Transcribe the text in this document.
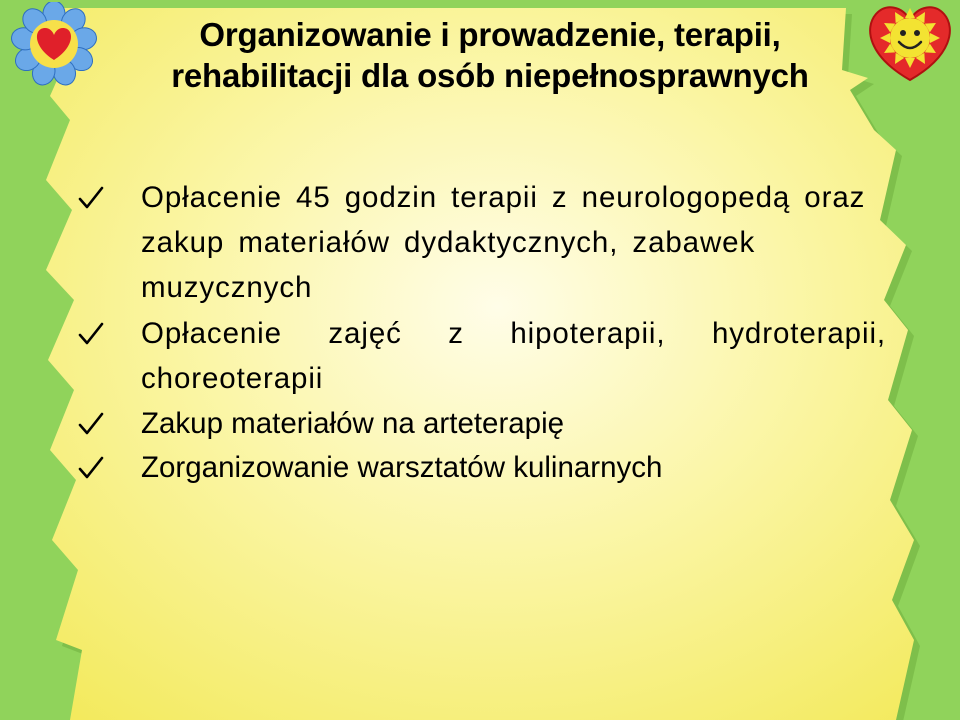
Organizowanie i prowadzenie, terapii, rehabilitacji dla osób niepełnosprawnych
Opłacenie 45 godzin terapii z neurologopedą oraz zakup materiałów dydaktycznych, zabawek muzycznych
Opłacenie zajęć z hipoterapii, hydroterapii, choreoterapii
Zakup materiałów na arteterapię
Zorganizowanie warsztatów kulinarnych
